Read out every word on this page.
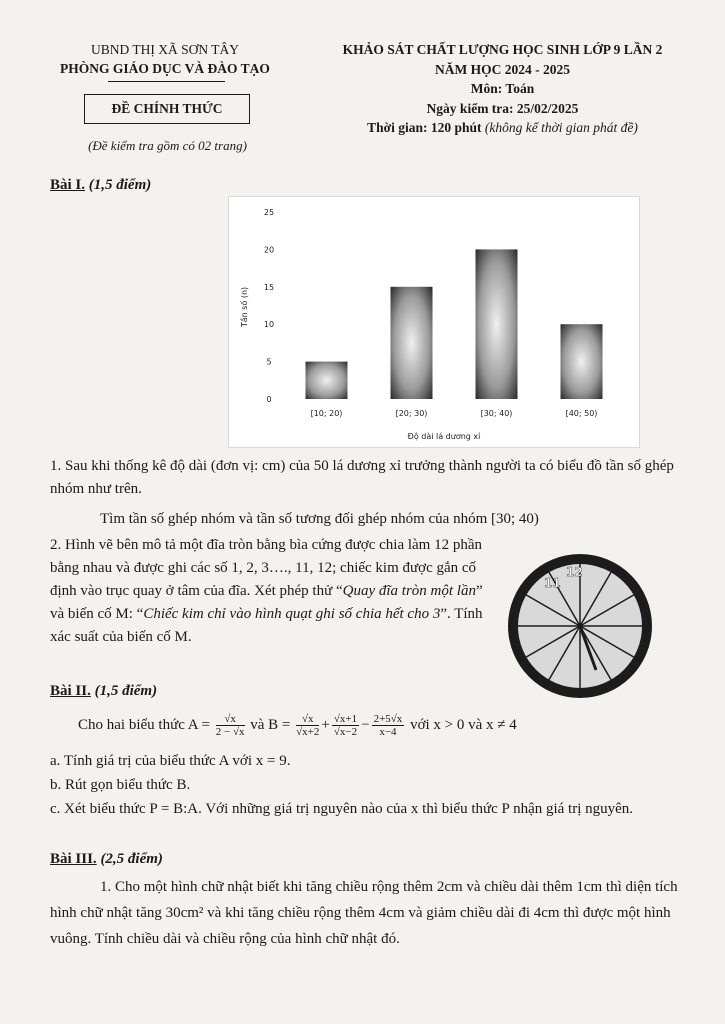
UBND THỊ XÃ SƠN TÂY
PHÒNG GIÁO DỤC VÀ ĐÀO TẠO
ĐỀ CHÍNH THỨC
(Đề kiểm tra gồm có 02 trang)
KHẢO SÁT CHẤT LƯỢNG HỌC SINH LỚP 9 LẦN 2
NĂM HỌC 2024 - 2025
Môn: Toán
Ngày kiểm tra: 25/02/2025
Thời gian: 120 phút (không kể thời gian phát đề)
Bài I. (1,5 điểm)
0
5
10
15
20
25
[10; 20)	[20; 30)	[30; 40)	[40; 50)
Tần số (n)
Độ dài lá dương xỉ
1. Sau khi thống kê độ dài (đơn vị: cm) của 50 lá dương xỉ trưởng thành người ta có biểu đồ tần số ghép nhóm như trên.
Tìm tần số ghép nhóm và tần số tương đối ghép nhóm của nhóm [30; 40)
2. Hình vẽ bên mô tả một đĩa tròn bằng bìa cứng được chia làm 12 phần bằng nhau và được ghi các số 1, 2, 3…., 11, 12; chiếc kim được gắn cố định vào trục quay ở tâm của đĩa. Xét phép thử “Quay đĩa tròn một lần” và biến cố M: “Chiếc kim chỉ vào hình quạt ghi số chia hết cho 3”. Tính xác suất của biến cố M.
11
12
Bài II. (1,5 điểm)
Cho hai biểu thức $A = \frac{√x}{2 - √x}$ và $B = \frac{√x}{√x+2} + \frac{√x+1}{√x-2} - \frac{2+5√x}{x-4}$ với x > 0 và x ≠ 4
a. Tính giá trị của biểu thức A với x = 9.
b. Rút gọn biểu thức B.
c. Xét biểu thức P = B:A. Với những giá trị nguyên nào của x thì biểu thức P nhận giá trị nguyên.
Bài III. (2,5 điểm)
1. Cho một hình chữ nhật biết khi tăng chiều rộng thêm 2cm và chiều dài thêm 1cm thì diện tích hình chữ nhật tăng 30cm² và khi tăng chiều rộng thêm 4cm và giảm chiều dài đi 4cm thì được một hình vuông. Tính chiều dài và chiều rộng của hình chữ nhật đó.
